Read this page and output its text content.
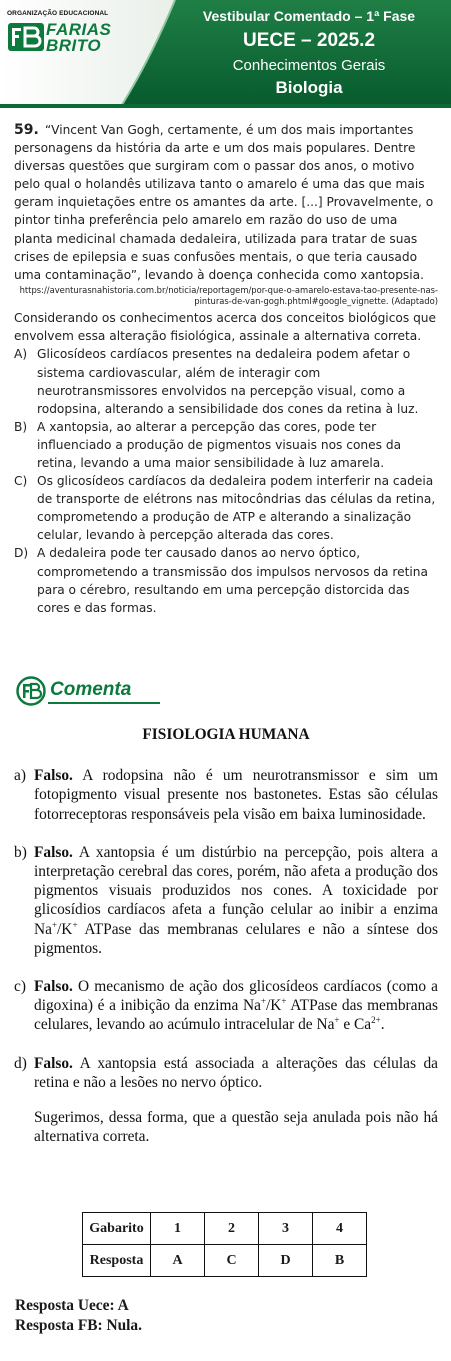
ORGANIZAÇÃO EDUCACIONAL
FARIAS
BRITO
Vestibular Comentado – 1ª Fase
UECE – 2025.2
Conhecimentos Gerais
Biologia
59. “Vincent Van Gogh, certamente, é um dos mais importantes personagens da história da arte e um dos mais populares. Dentre diversas questões que surgiram com o passar dos anos, o motivo pelo qual o holandês utilizava tanto o amarelo é uma das que mais geram inquietações entre os amantes da arte. [...] Provavelmente, o pintor tinha preferência pelo amarelo em razão do uso de uma planta medicinal chamada dedaleira, utilizada para tratar de suas crises de epilepsia e suas confusões mentais, o que teria causado uma contaminação”, levando à doença conhecida como xantopsia.
https://aventurasnahistoria.com.br/noticia/reportagem/por-que-o-amarelo-estava-tao-presente-nas-pinturas-de-van-gogh.phtml#google_vignette. (Adaptado)
Considerando os conhecimentos acerca dos conceitos biológicos que envolvem essa alteração fisiológica, assinale a alternativa correta.
A) Glicosídeos cardíacos presentes na dedaleira podem afetar o sistema cardiovascular, além de interagir com neurotransmissores envolvidos na percepção visual, como a rodopsina, alterando a sensibilidade dos cones da retina à luz.
B) A xantopsia, ao alterar a percepção das cores, pode ter influenciado a produção de pigmentos visuais nos cones da retina, levando a uma maior sensibilidade à luz amarela.
C) Os glicosídeos cardíacos da dedaleira podem interferir na cadeia de transporte de elétrons nas mitocôndrias das células da retina, comprometendo a produção de ATP e alterando a sinalização celular, levando à percepção alterada das cores.
D) A dedaleira pode ter causado danos ao nervo óptico, comprometendo a transmissão dos impulsos nervosos da retina para o cérebro, resultando em uma percepção distorcida das cores e das formas.
Comenta
FISIOLOGIA HUMANA
a) Falso. A rodopsina não é um neurotransmissor e sim um fotopigmento visual presente nos bastonetes. Estas são células fotorreceptoras responsáveis pela visão em baixa luminosidade.
b) Falso. A xantopsia é um distúrbio na percepção, pois altera a interpretação cerebral das cores, porém, não afeta a produção dos pigmentos visuais produzidos nos cones. A toxicidade por glicosídios cardíacos afeta a função celular ao inibir a enzima Na+/K+ ATPase das membranas celulares e não a síntese dos pigmentos.
c) Falso. O mecanismo de ação dos glicosídeos cardíacos (como a digoxina) é a inibição da enzima Na+/K+ ATPase das membranas celulares, levando ao acúmulo intracelular de Na+ e $Ca^{2+}$.
d) Falso. A xantopsia está associada a alterações das células da retina e não a lesões no nervo óptico.
Sugerimos, dessa forma, que a questão seja anulada pois não há alternativa correta.
Gabarito	1	2	3	4
Resposta	A	C	D	B
Resposta Uece: A
Resposta FB: Nula.
